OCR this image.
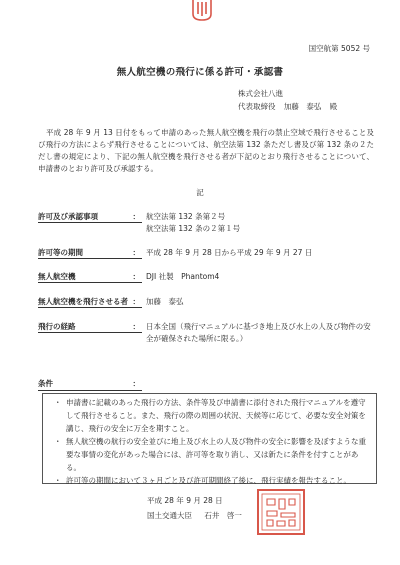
国空航第 5052 号
無人航空機の飛行に係る許可・承認書
株式会社八進
代表取締役 加藤　泰弘 殿
平成 28 年 9 月 13 日付をもって申請のあった無人航空機を飛行の禁止空域で飛行させること及び飛行の方法によらず飛行させることについては、航空法第 132 条ただし書及び第 132 条の２ただし書の規定により、下記の無人航空機を飛行させる者が下記のとおり飛行させることについて、申請書のとおり許可及び承認する。
記
許可及び承認事項	： 航空法第 132 条第２号
航空法第 132 条の２第１号
許可等の期間	： 平成 28 年 9 月 28 日から平成 29 年 9 月 27 日
無人航空機	： DJI 社製　Phantom4
無人航空機を飛行させる者 ： 加藤　泰弘
飛行の経路	： 日本全国（飛行マニュアルに基づき地上及び水上の人及び物件の安全が確保された場所に限る。）
条件	：
・ 申請書に記載のあった飛行の方法、条件等及び申請書に添付された飛行マニュアルを遵守して飛行させること。また、飛行の際の周囲の状況、天候等に応じて、必要な安全対策を講じ、飛行の安全に万全を期すこと。
・ 無人航空機の航行の安全並びに地上及び水上の人及び物件の安全に影響を及ぼすような重要な事情の変化があった場合には、許可等を取り消し、又は新たに条件を付すことがある。
・ 許可等の期間において３ヶ月ごと及び許可期間終了後に、飛行実績を報告すること。
平成 28 年 9 月 28 日
国土交通大臣 石井　啓一
